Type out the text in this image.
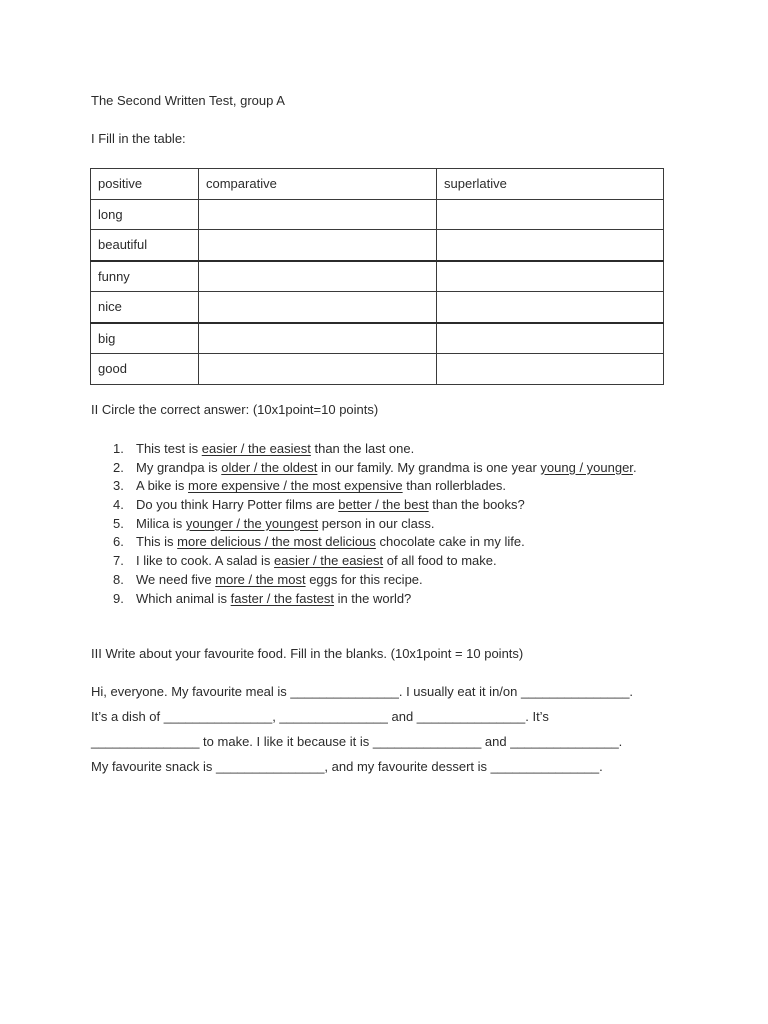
The Second Written Test, group A
I Fill in the table:
positive	comparative	superlative
long		
beautiful		
funny		
nice		
big		
good		
II Circle the correct answer: (10x1point=10 points)
1. This test is easier / the easiest than the last one.
2. My grandpa is older / the oldest in our family. My grandma is one year young / younger.
3. A bike is more expensive / the most expensive than rollerblades.
4. Do you think Harry Potter films are better / the best than the books?
5. Milica is younger / the youngest person in our class.
6. This is more delicious / the most delicious chocolate cake in my life.
7. I like to cook. A salad is easier / the easiest of all food to make.
8. We need five more / the most eggs for this recipe.
9. Which animal is faster / the fastest in the world?
III Write about your favourite food. Fill in the blanks. (10x1point = 10 points)
Hi, everyone. My favourite meal is _______________. I usually eat it in/on _______________.
It’s a dish of _______________, _______________ and _______________. It’s
_______________ to make. I like it because it is _______________ and _______________.
My favourite snack is _______________, and my favourite dessert is _______________.
